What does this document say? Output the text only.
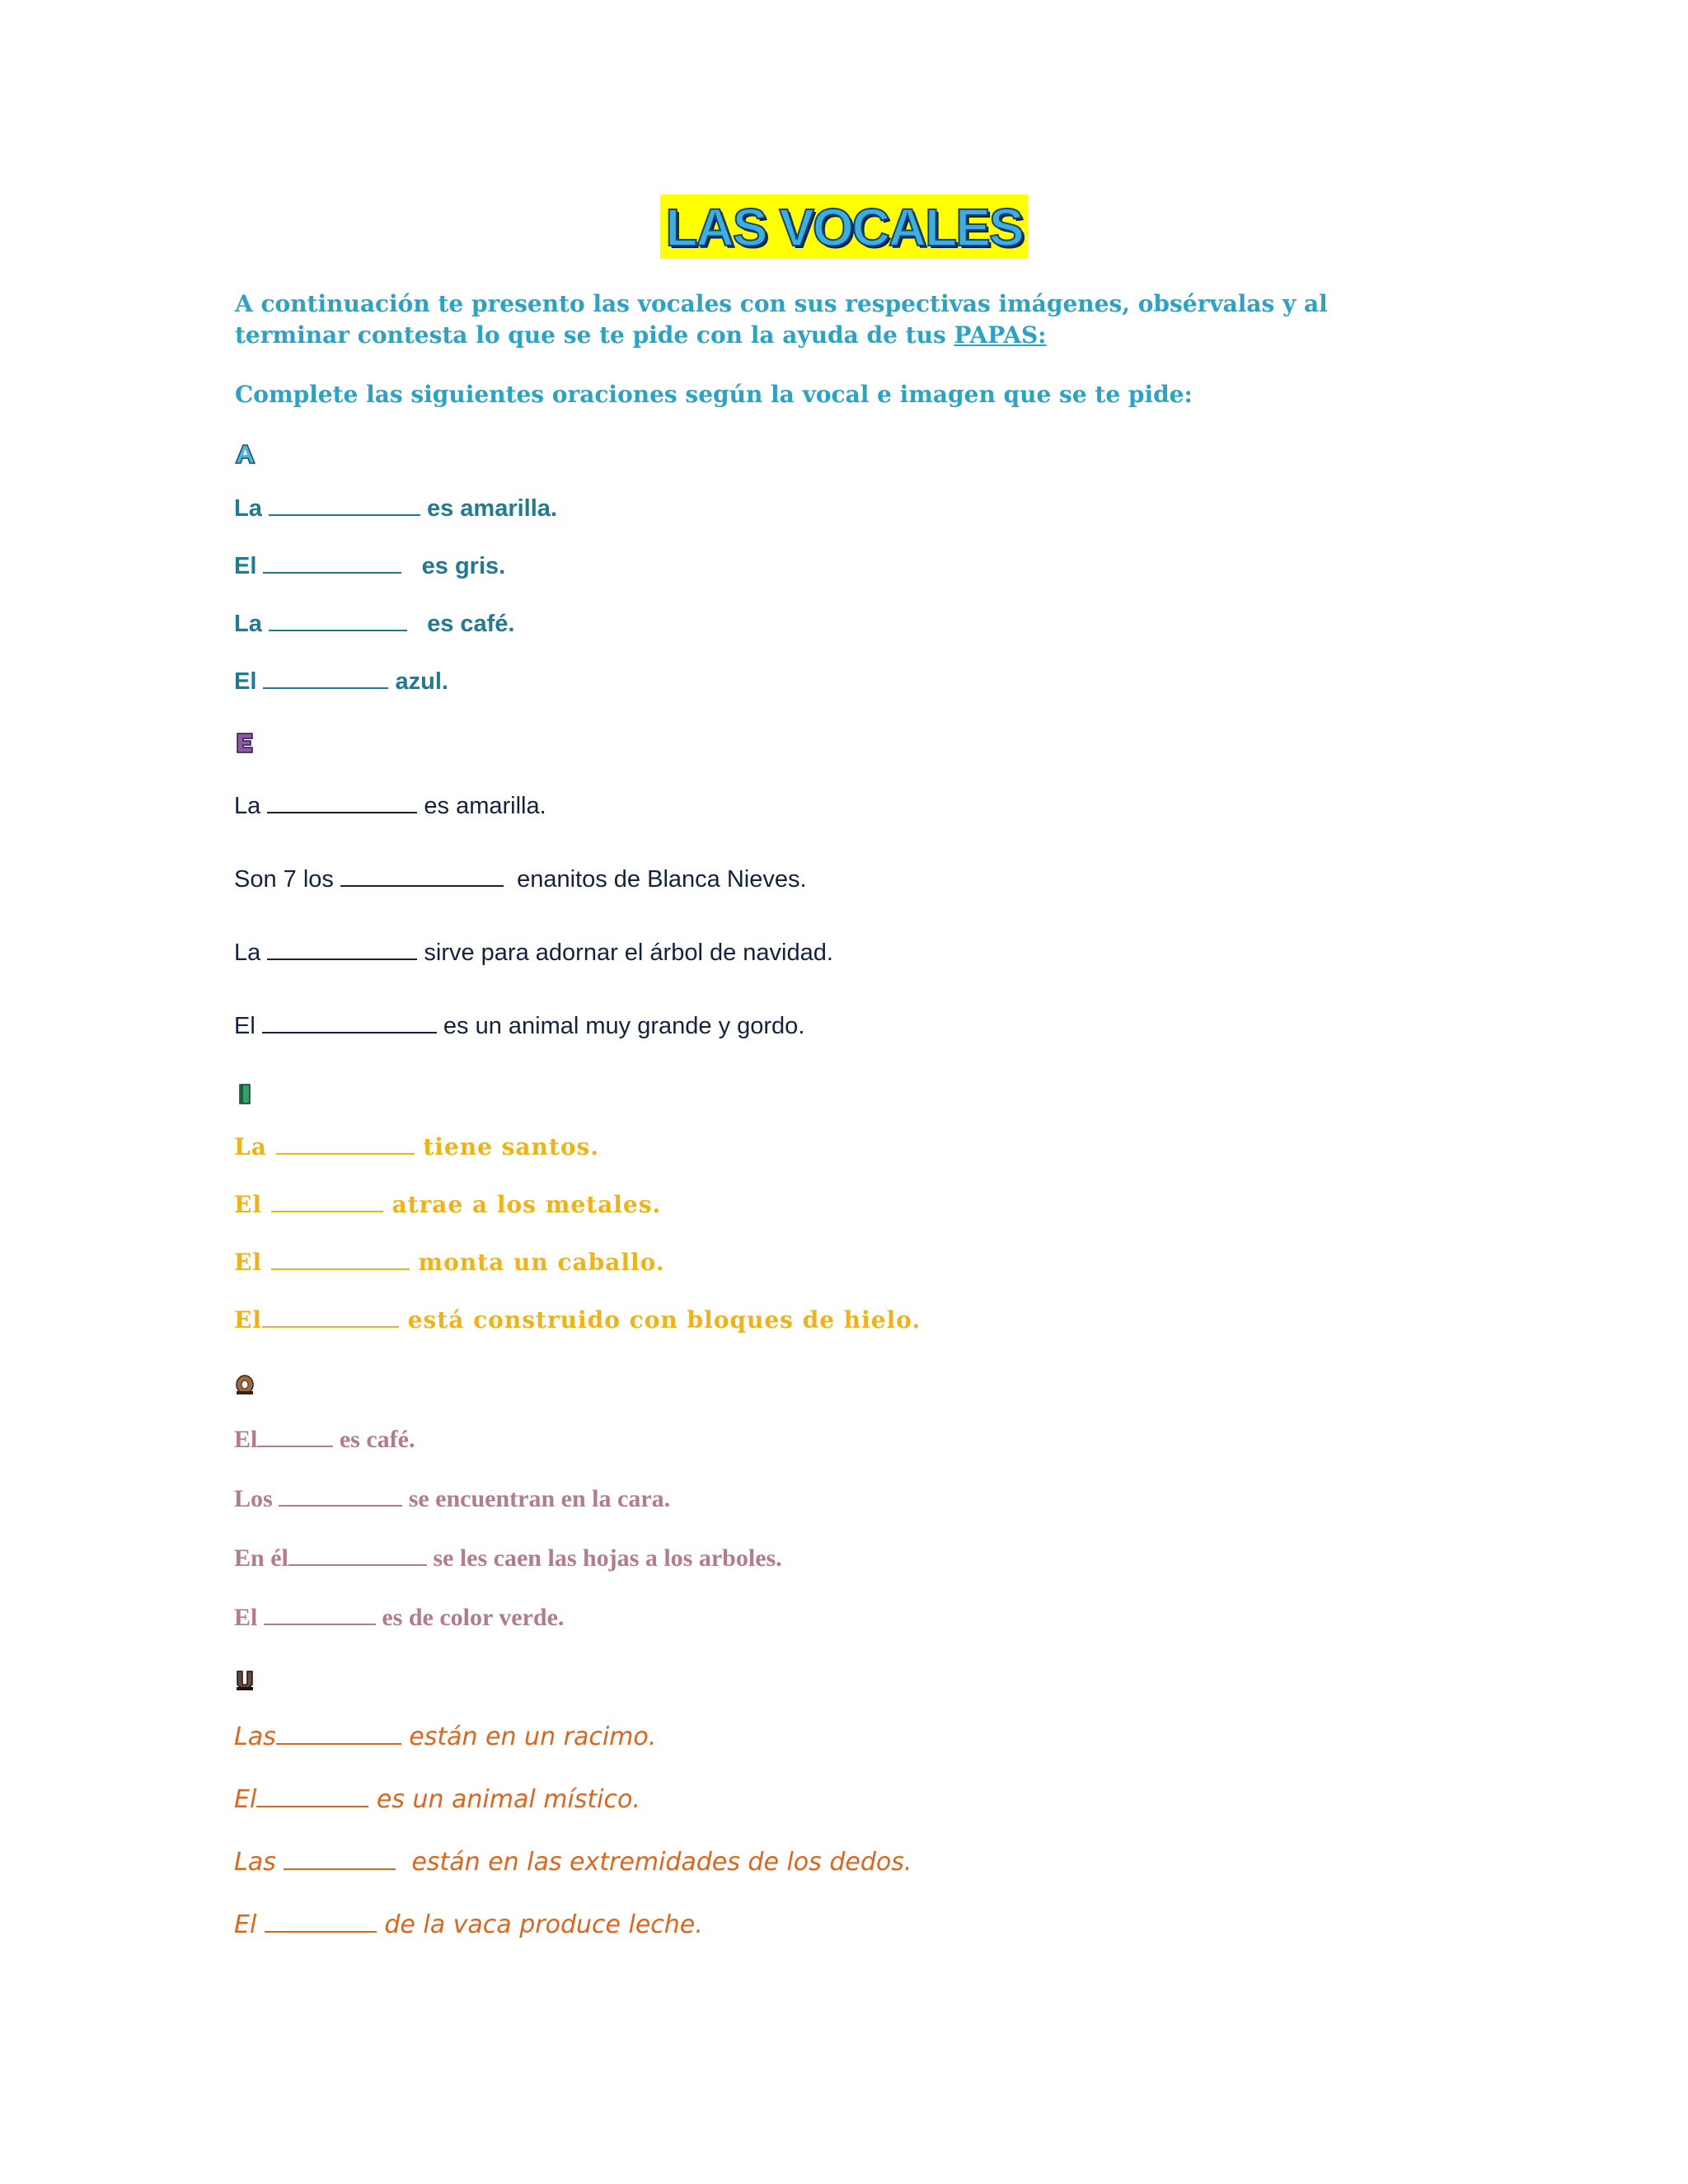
LAS VOCALES

A continuación te presento las vocales con sus respectivas imágenes, obsérvalas y al terminar contesta lo que se te pide con la ayuda de tus PAPAS:

Complete las siguientes oraciones según la vocal e imagen que se te pide:

La	es amarilla.
El	es gris.
La	es café.
El	azul.
La	es amarilla.
Son 7 los	enanitos de Blanca Nieves.
La	sirve para adornar el árbol de navidad.
El	es un animal muy grande y gordo.
La	tiene santos.
El	atrae a los metales.
El	monta un caballo.
El	está construido con bloques de hielo.
El	es café.
Los	se encuentran en la cara.
En él	se les caen las hojas a los arboles.
El	es de color verde.
Las	están en un racimo.
El	es un animal místico.
Las	están en las extremidades de los dedos.
El	de la vaca produce leche.
